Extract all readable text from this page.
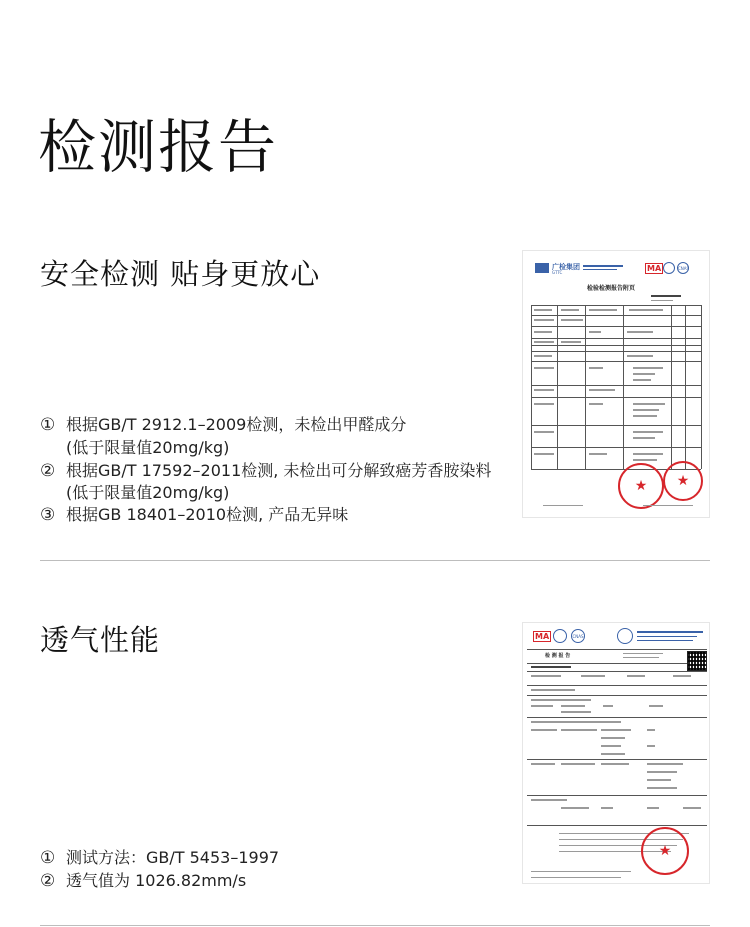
检测报告
安全检测 贴身更放心
① 根据GB/T 2912.1–2009检测，未检出甲醛成分
(低于限量值20mg/kg)
② 根据GB/T 17592–2011检测, 未检出可分解致癌芳香胺染料
(低于限量值20mg/kg)
③ 根据GB 18401–2010检测, 产品无异味
广检集团
GTTC	MA	CNAS
检验检测报告附页
★ ★
透气性能
① 测试方法：GB/T 5453–1997
② 透气值为 1026.82mm/s
MA	CNAS
检 测 报 告
★
